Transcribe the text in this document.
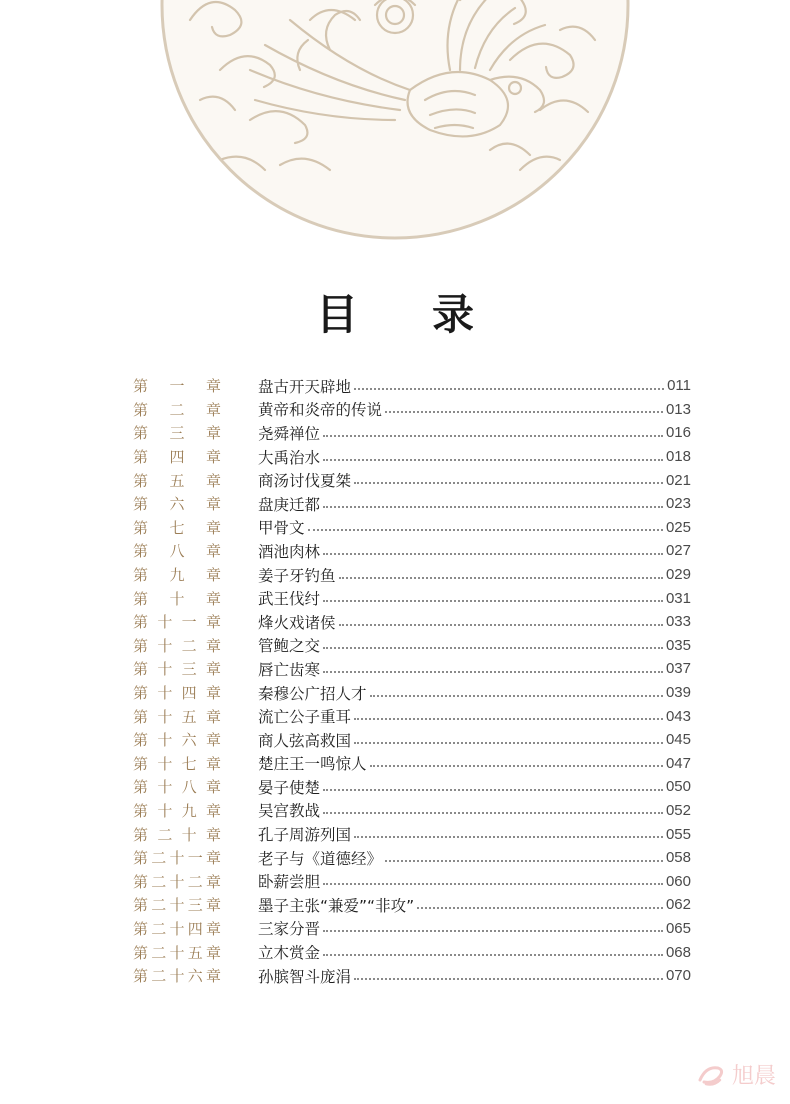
目 录
第 一 章 盘古开天辟地	011
第 二 章 黄帝和炎帝的传说	013
第 三 章 尧舜禅位	016
第 四 章 大禹治水	018
第 五 章 商汤讨伐夏桀	021
第 六 章 盘庚迁都	023
第 七 章 甲骨文	025
第 八 章 酒池肉林	027
第 九 章 姜子牙钓鱼	029
第 十 章 武王伐纣	031
第 十 一 章 烽火戏诸侯	033
第 十 二 章 管鲍之交	035
第 十 三 章 唇亡齿寒	037
第 十 四 章 秦穆公广招人才	039
第 十 五 章 流亡公子重耳	043
第 十 六 章 商人弦高救国	045
第 十 七 章 楚庄王一鸣惊人	047
第 十 八 章 晏子使楚	050
第 十 九 章 吴宫教战	052
第 二 十 章 孔子周游列国	055
第 二 十 一 章 老子与《道德经》	058
第 二 十 二 章 卧薪尝胆	060
第 二 十 三 章 墨子主张“兼爱”“非攻”	062
第 二 十 四 章 三家分晋	065
第 二 十 五 章 立木赏金	068
第 二 十 六 章 孙膑智斗庞涓	070
旭晨
